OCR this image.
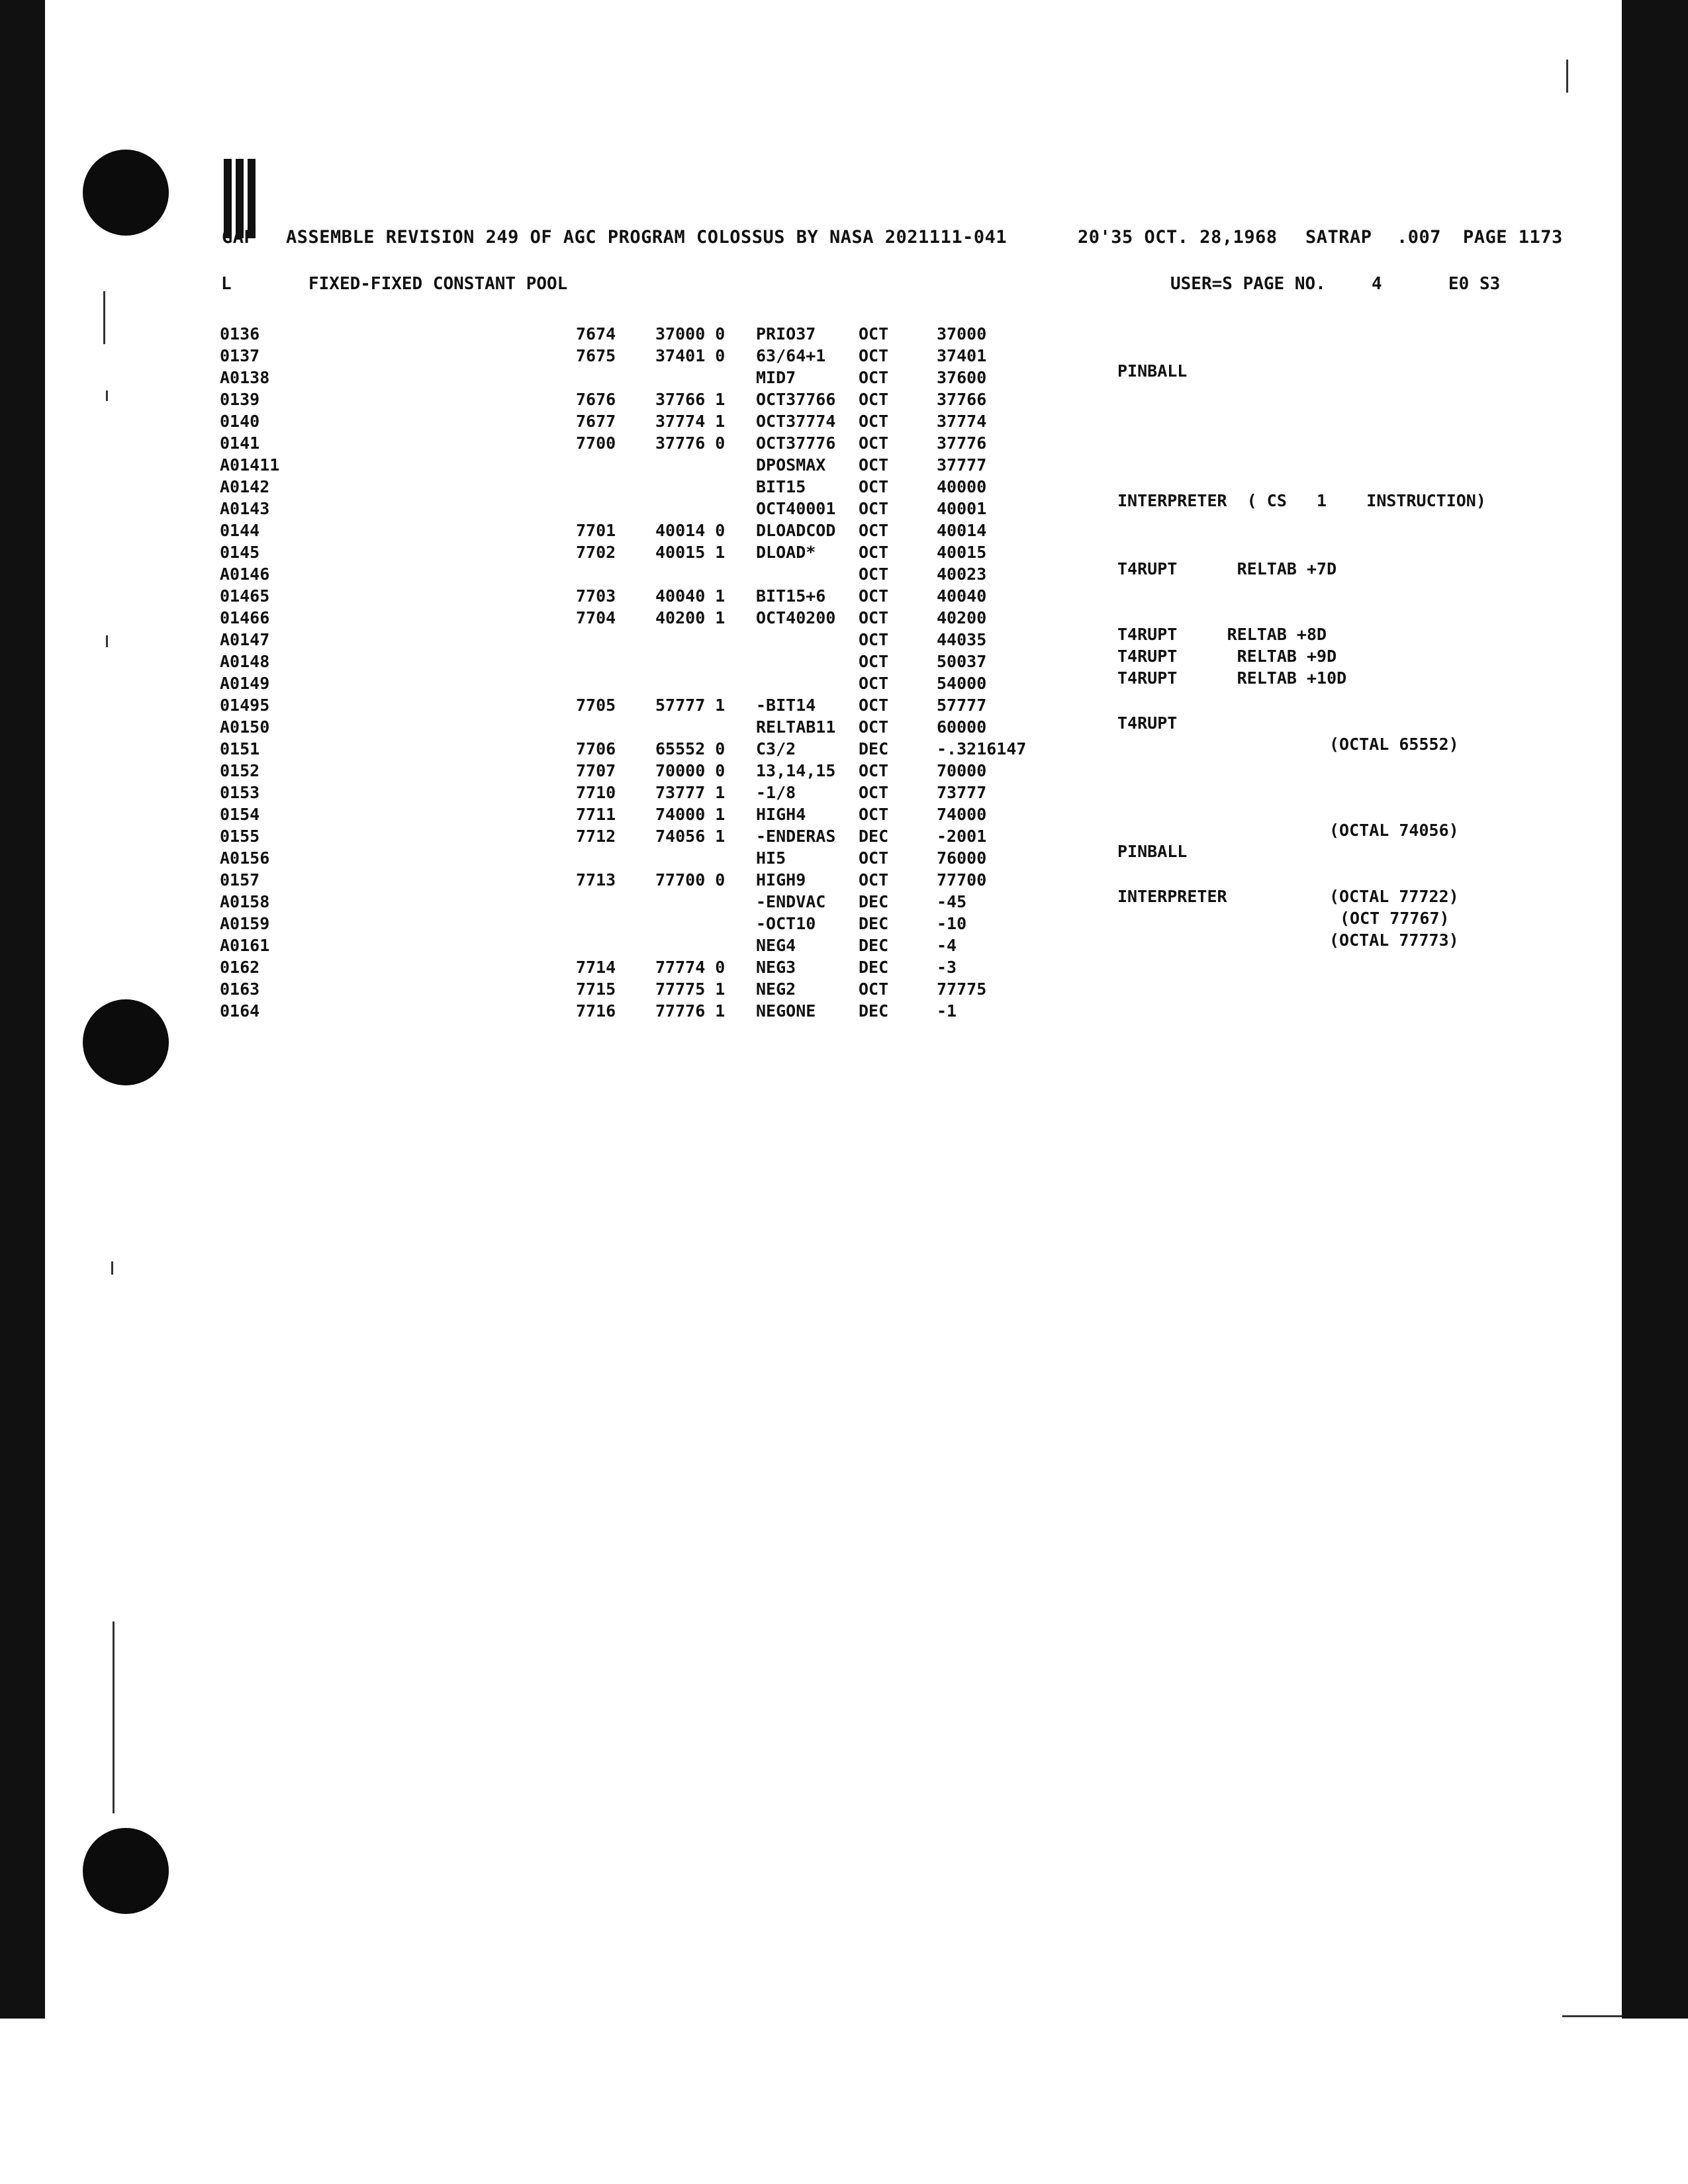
GAP ASSEMBLE REVISION 249 OF AGC PROGRAM COLOSSUS BY NASA 2021111-041	20'35 OCT. 28,1968 SATRAP .007 PAGE 1173
L	FIXED-FIXED CONSTANT POOL	USER=S PAGE NO.	4	E0 S3
0136	7674 37000 0 PRIO37	OCT	37000
0137	7675 37401 0 63/64+1 OCT	37401
A0138	MID7	OCT	37600
0139	7676 37766 1 OCT37766 OCT	37766
0140	7677 37774 1 OCT37774 OCT	37774
0141	7700 37776 0 OCT37776 OCT	37776
A01411	DPOSMAX OCT	37777
A0142	BIT15	OCT	40000
A0143	OCT40001 OCT	40001
0144	7701 40014 0 DLOADCOD OCT	40014
0145	7702 40015 1 DLOAD*	OCT	40015
A0146	OCT	40023
01465	7703 40040 1 BIT15+6 OCT	40040
01466	7704 40200 1 OCT40200 OCT	40200
A0147	OCT	44035
A0148	OCT	50037
A0149	OCT	54000
01495	7705 57777 1 -BIT14	OCT	57777
A0150	RELTAB11 OCT	60000
0151	7706 65552 0 C3/2	DEC	-.3216147
0152	7707 70000 0 13,14,15 OCT	70000
0153	7710 73777 1 -1/8	OCT	73777
0154	7711 74000 1 HIGH4	OCT	74000
0155	7712 74056 1 -ENDERAS DEC	-2001
A0156	HI5	OCT	76000
0157	7713 77700 0 HIGH9	OCT	77700
A0158	-ENDVAC DEC	-45
A0159	-OCT10	DEC	-10
A0161	NEG4	DEC	-4
0162	7714 77774 0 NEG3	DEC	-3
0163	7715 77775 1 NEG2	OCT	77775
0164	7716 77776 1 NEGONE	DEC	-1
PINBALL
INTERPRETER  ( CS   1    INSTRUCTION)
T4RUPT      RELTAB +7D
T4RUPT     RELTAB +8D
T4RUPT      RELTAB +9D
T4RUPT      RELTAB +10D
T4RUPT
(OCTAL 65552)
(OCTAL 74056)
PINBALL
INTERPRETER	(OCTAL 77722)
(OCT 77767)
(OCTAL 77773)
